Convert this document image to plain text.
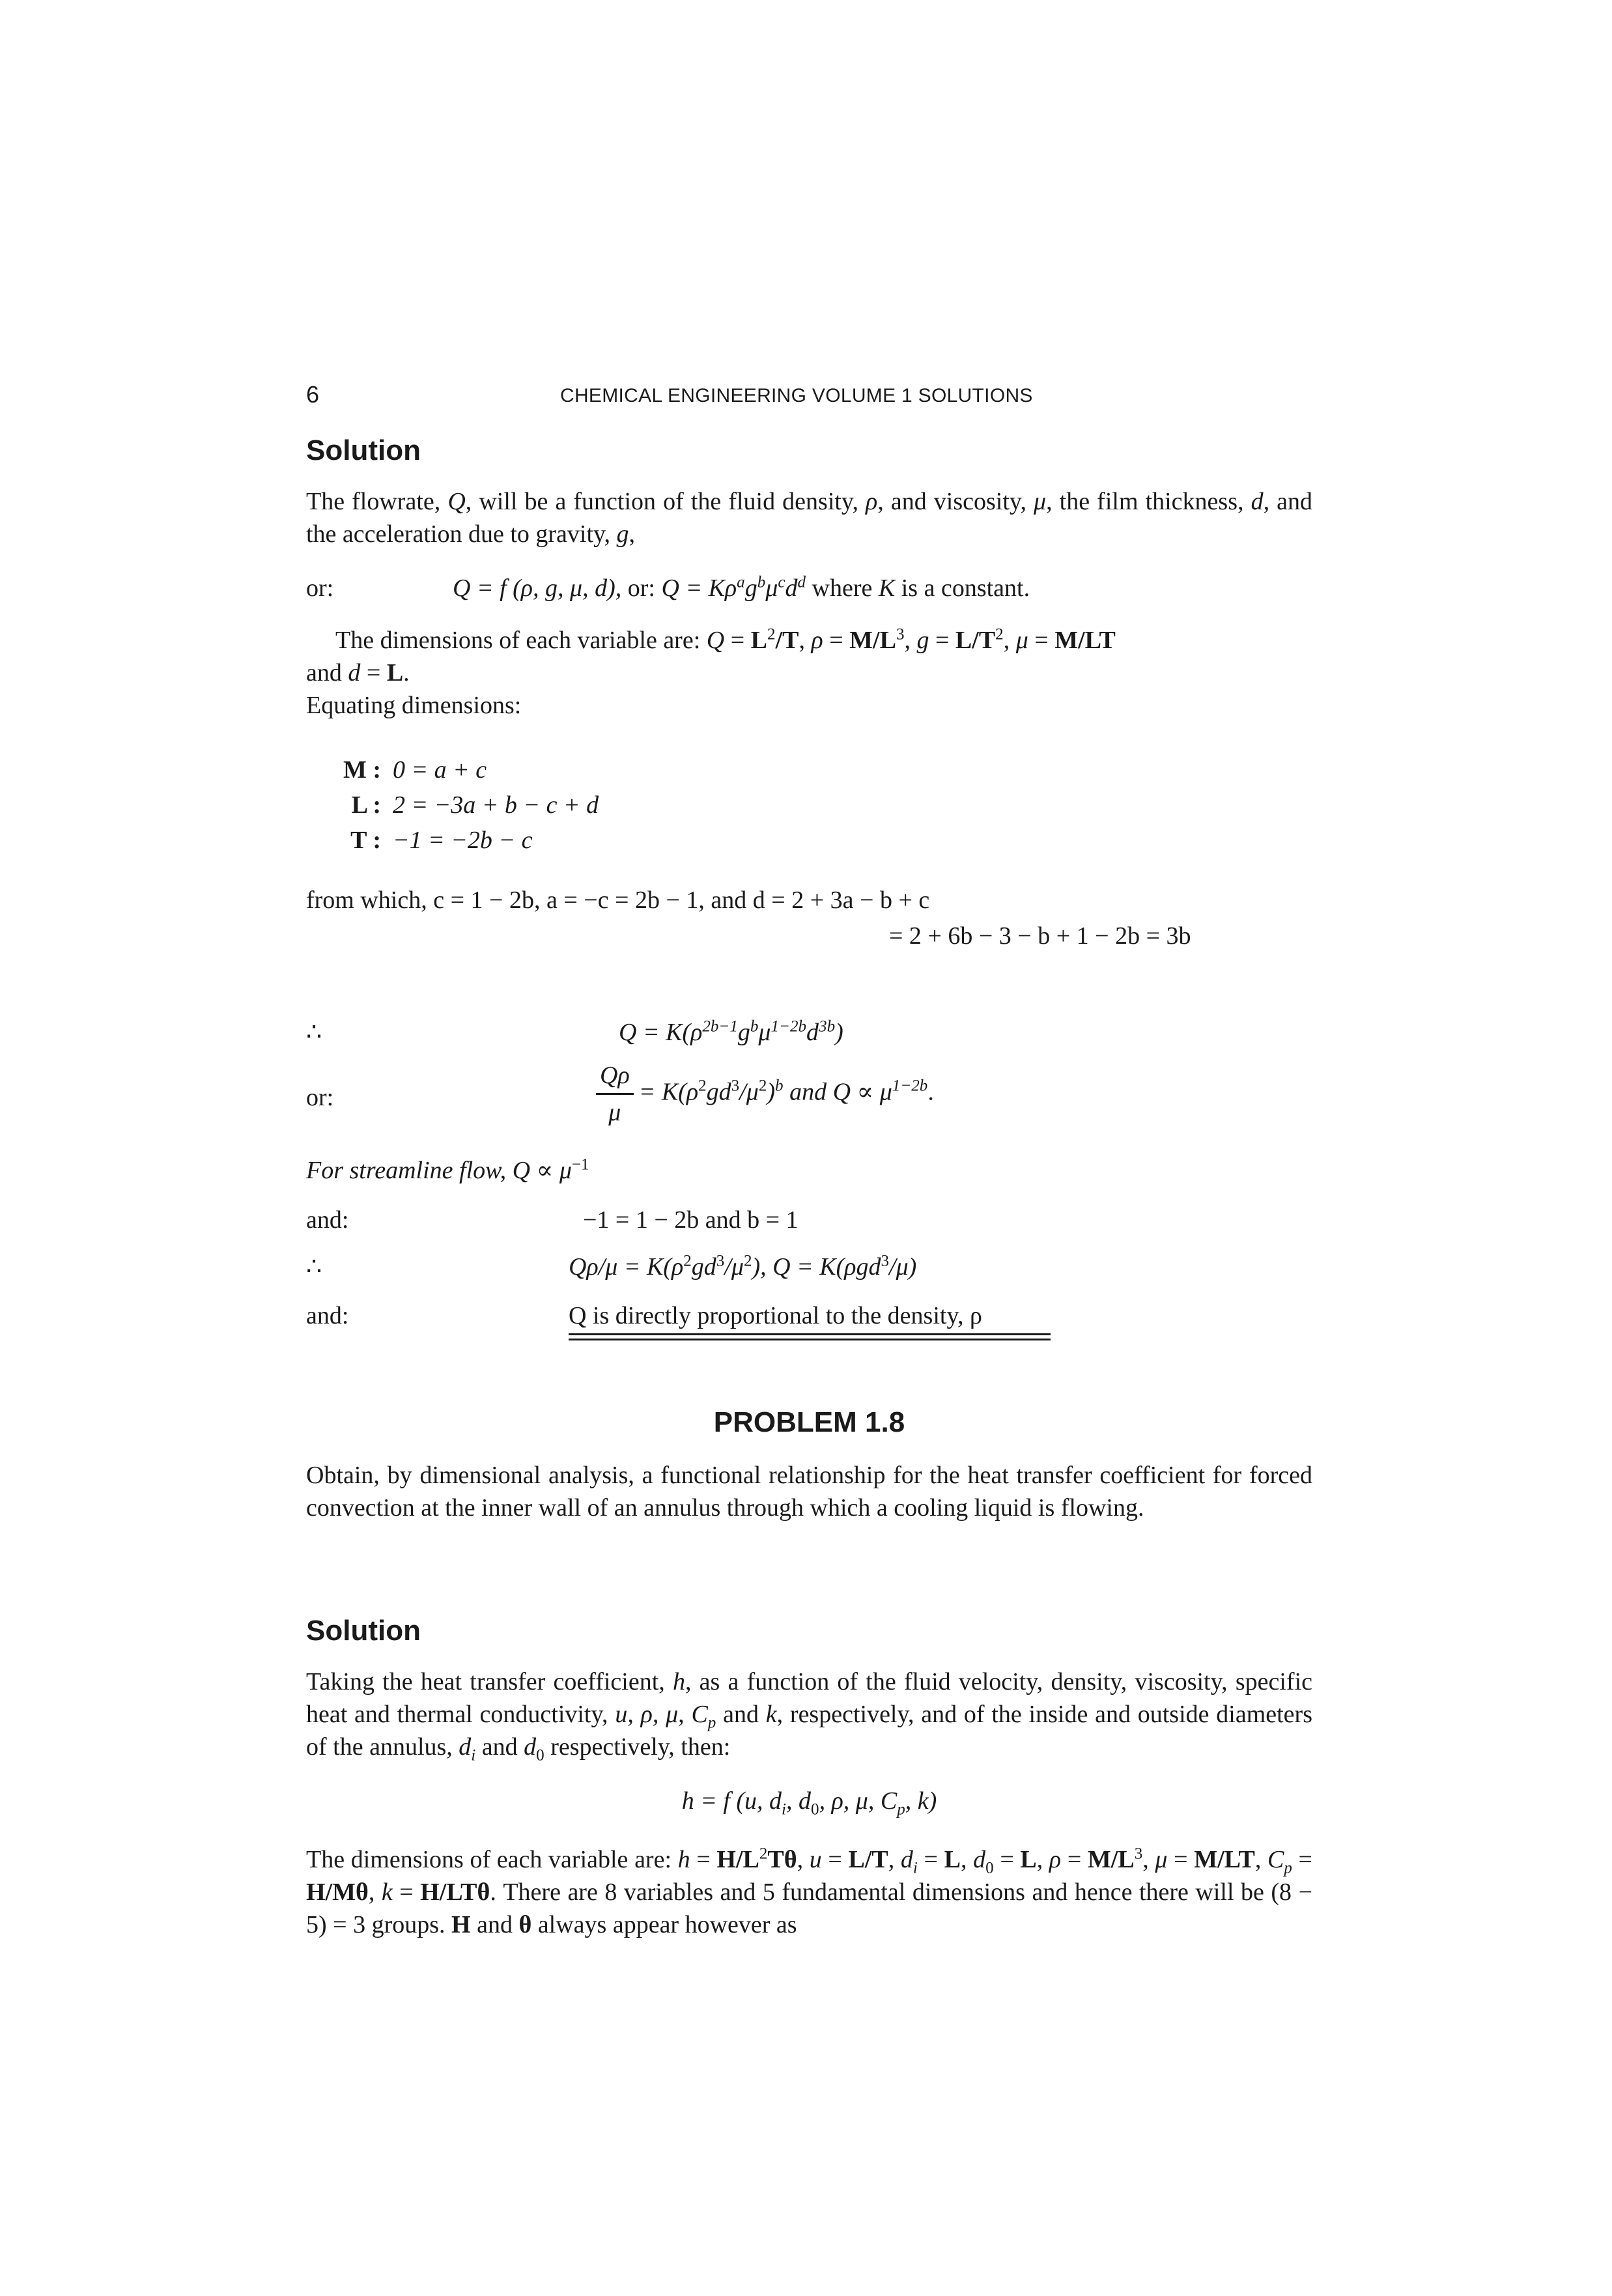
6	CHEMICAL ENGINEERING VOLUME 1 SOLUTIONS
Solution

The flowrate, Q, will be a function of the fluid density, ρ, and viscosity, μ, the film thickness, d, and the acceleration due to gravity, g,

or:	Q = f (ρ, g, μ, d), or: $Q = K\rho^ag^b\mu^cd^d$ where K is a constant.

The dimensions of each variable are: $Q = L^2/T$, $\rho = M/L^3$, $g = L/T^2$, μ = M/LT

and d = L.

Equating dimensions:

M : 0 = a + c
L : 2 = −3a + b − c + d
T : −1 = −2b − c
from which, c = 1 − 2b, a = −c = 2b − 1, and d = 2 + 3a − b + c
= 2 + 6b − 3 − b + 1 − 2b = 3b
∴	$Q = K(\rho^{2b-1}g^b\mu^{1-2b}d^{3b})$
or:	$\frac{Q\rho}{\mu} = K(\rho^2gd^3/\mu^2)^b$ and $Q \propto \mu^{1-2b}$.
For streamline flow, $Q \propto \mu^{-1}$
and:	−1 = 1 − 2b and b = 1
∴	$Q\rho/\mu = K(\rho^2gd^3/\mu^2)$, Q = K(ρgd$^3$/μ)
and:	Q is directly proportional to the density, ρ
PROBLEM 1.8

Obtain, by dimensional analysis, a functional relationship for the heat transfer coefficient for forced convection at the inner wall of an annulus through which a cooling liquid is flowing.

Solution

Taking the heat transfer coefficient, h, as a function of the fluid velocity, density, viscosity, specific heat and thermal conductivity, u, ρ, μ, $C_p$ and k, respectively, and of the inside and outside diameters of the annulus, $d_i$ and $d_0$ respectively, then:

h = f (u, $d_i$, $d_0$, ρ, μ, $C_p$, k)

The dimensions of each variable are: $h = H/L^2T\theta$, u = L/T, $d_i = L$, $d_0 = L$, $\rho = M/L^3$, μ = M/LT, $C_p = H/M\theta$, k = H/LTθ. There are 8 variables and 5 fundamental dimensions and hence there will be (8 − 5) = 3 groups. H and θ always appear however as
